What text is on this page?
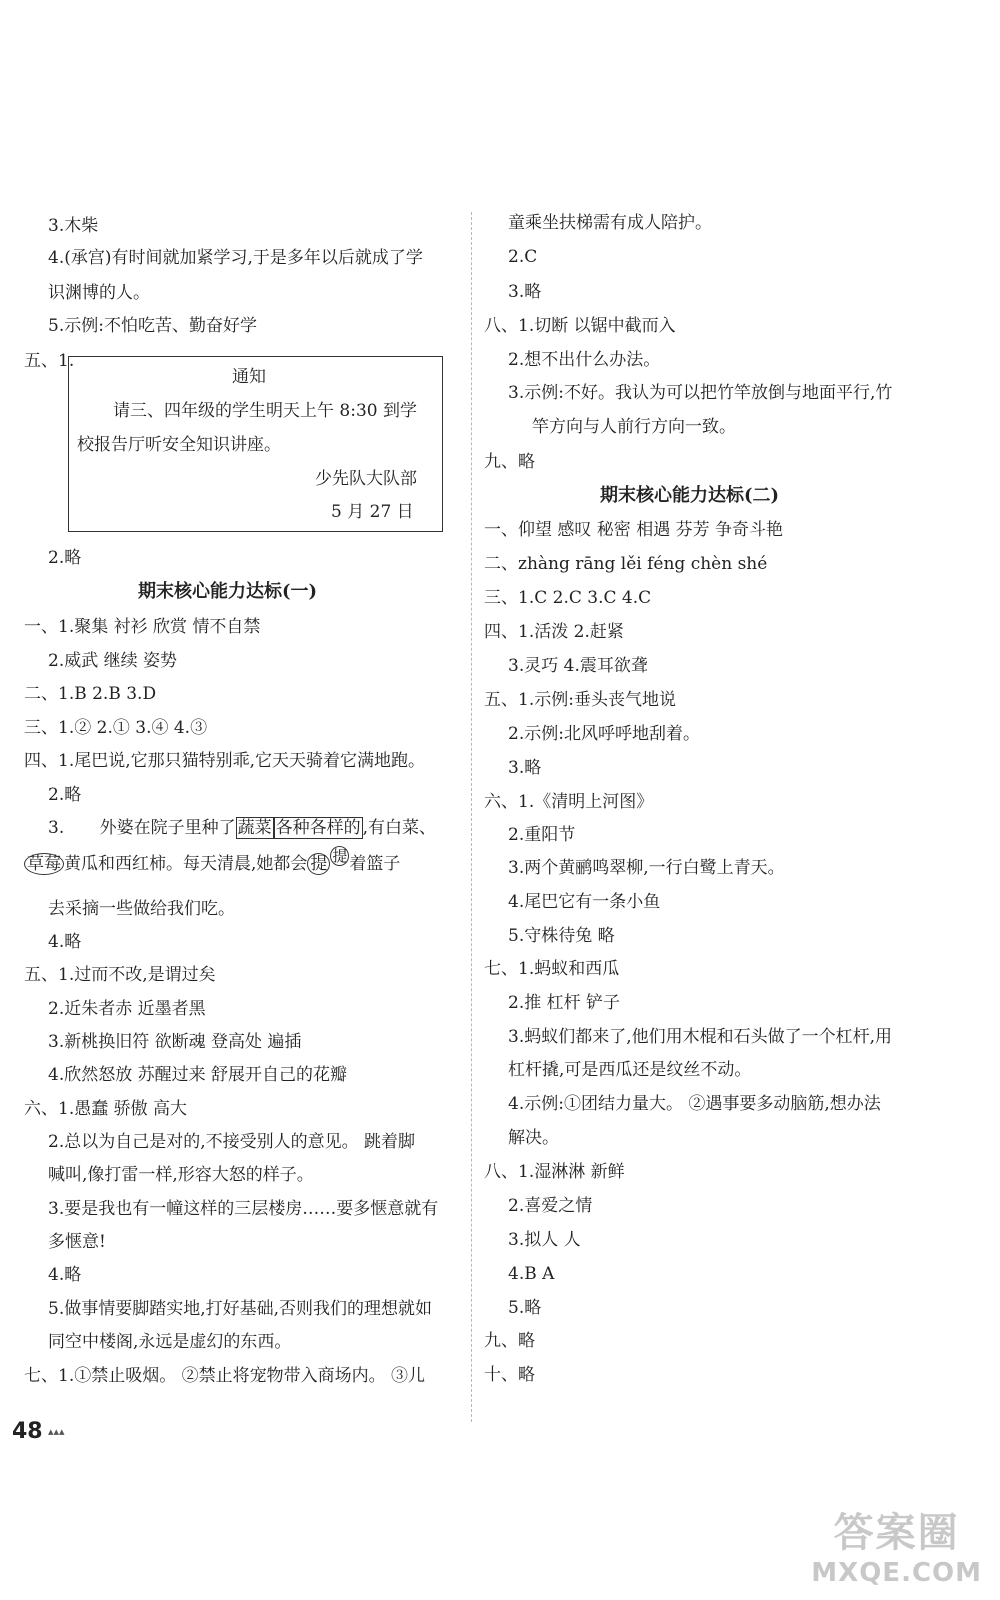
3.木柴
4.(承宫)有时间就加紧学习,于是多年以后就成了学
识渊博的人。
5.示例:不怕吃苦、勤奋好学
五、1.
通知
请三、四年级的学生明天上午 8:30 到学
校报告厅听安全知识讲座。
少先队大队部
5 月 27 日
2.略
期末核心能力达标(一)
一、1.聚集 衬衫 欣赏 情不自禁
2.威武 继续 姿势
二、1.B 2.B 3.D
三、1.② 2.① 3.④ 4.③
四、1.尾巴说,它那只猫特别乖,它天天骑着它满地跑。
2.略
3. 外婆在院子里种了 蔬菜 各种各样的 ,有白菜、
草莓 黄瓜和西红柿。每天清晨,她都会 提 提 着篮子
去采摘一些做给我们吃。
4.略
五、1.过而不改,是谓过矣
2.近朱者赤 近墨者黑
3.新桃换旧符 欲断魂 登高处 遍插
4.欣然怒放 苏醒过来 舒展开自己的花瓣
六、1.愚蠢 骄傲 高大
2.总以为自己是对的,不接受别人的意见。 跳着脚
喊叫,像打雷一样,形容大怒的样子。
3.要是我也有一幢这样的三层楼房……要多惬意就有
多惬意!
4.略
5.做事情要脚踏实地,打好基础,否则我们的理想就如
同空中楼阁,永远是虚幻的东西。
七、1.①禁止吸烟。 ②禁止将宠物带入商场内。 ③儿
童乘坐扶梯需有成人陪护。
2.C
3.略
八、1.切断 以锯中截而入
2.想不出什么办法。
3.示例:不好。我认为可以把竹竿放倒与地面平行,竹
竿方向与人前行方向一致。
九、略
期末核心能力达标(二)
一、仰望 感叹 秘密 相遇 芬芳 争奇斗艳
二、zhàng rāng lěi féng chèn shé
三、1.C 2.C 3.C 4.C
四、1.活泼 2.赶紧
3.灵巧 4.震耳欲聋
五、1.示例:垂头丧气地说
2.示例:北风呼呼地刮着。
3.略
六、1.《清明上河图》
2.重阳节
3.两个黄鹂鸣翠柳,一行白鹭上青天。
4.尾巴它有一条小鱼
5.守株待兔 略
七、1.蚂蚁和西瓜
2.推 杠杆 铲子
3.蚂蚁们都来了,他们用木棍和石头做了一个杠杆,用
杠杆撬,可是西瓜还是纹丝不动。
4.示例:①团结力量大。 ②遇事要多动脑筋,想办法
解决。
八、1.湿淋淋 新鲜
2.喜爱之情
3.拟人 人
4.B A
5.略
九、略
十、略
48 ▴▴▴
答案圈
MXQE.COM
